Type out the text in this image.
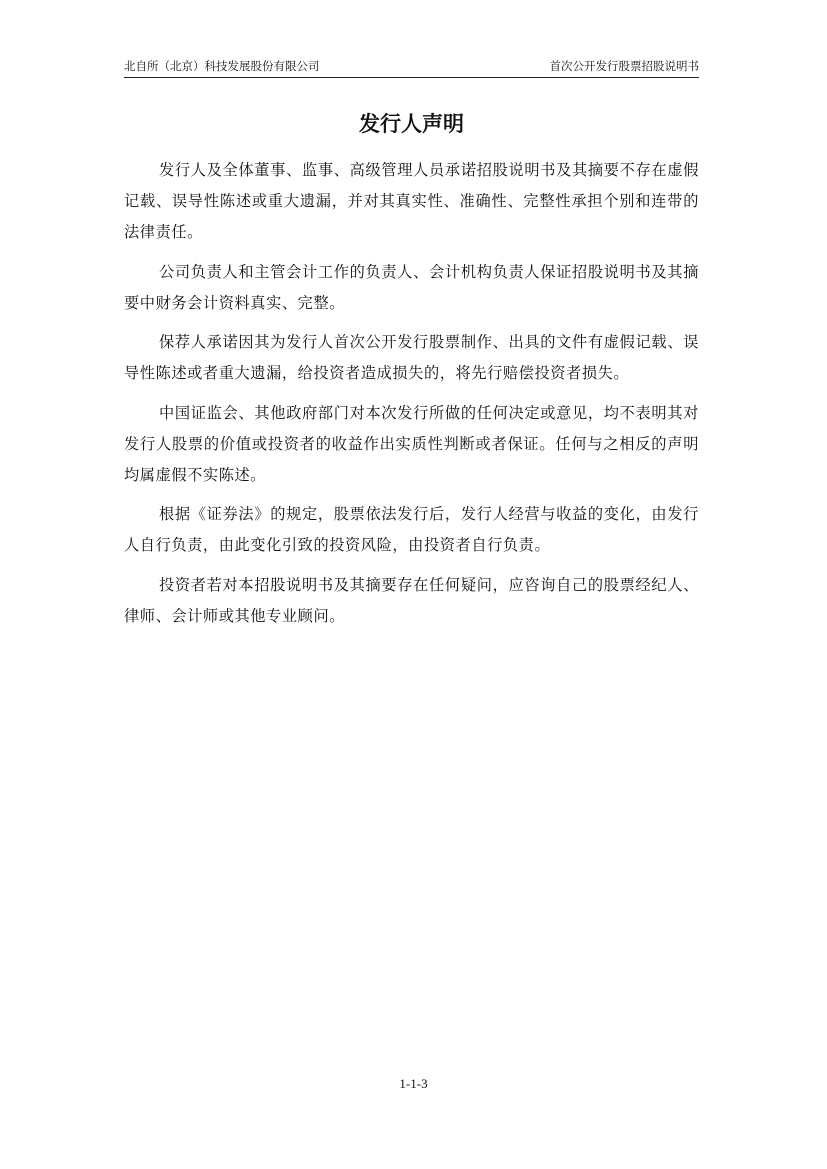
北自所（北京）科技发展股份有限公司	首次公开发行股票招股说明书
发行人声明

发行人及全体董事、监事、高级管理人员承诺招股说明书及其摘要不存在虚假记载、误导性陈述或重大遗漏，并对其真实性、准确性、完整性承担个别和连带的法律责任。

公司负责人和主管会计工作的负责人、会计机构负责人保证招股说明书及其摘要中财务会计资料真实、完整。

保荐人承诺因其为发行人首次公开发行股票制作、出具的文件有虚假记载、误导性陈述或者重大遗漏，给投资者造成损失的，将先行赔偿投资者损失。

中国证监会、其他政府部门对本次发行所做的任何决定或意见，均不表明其对发行人股票的价值或投资者的收益作出实质性判断或者保证。任何与之相反的声明均属虚假不实陈述。

根据《证券法》的规定，股票依法发行后，发行人经营与收益的变化，由发行人自行负责，由此变化引致的投资风险，由投资者自行负责。

投资者若对本招股说明书及其摘要存在任何疑问，应咨询自己的股票经纪人、律师、会计师或其他专业顾问。

1-1-3
